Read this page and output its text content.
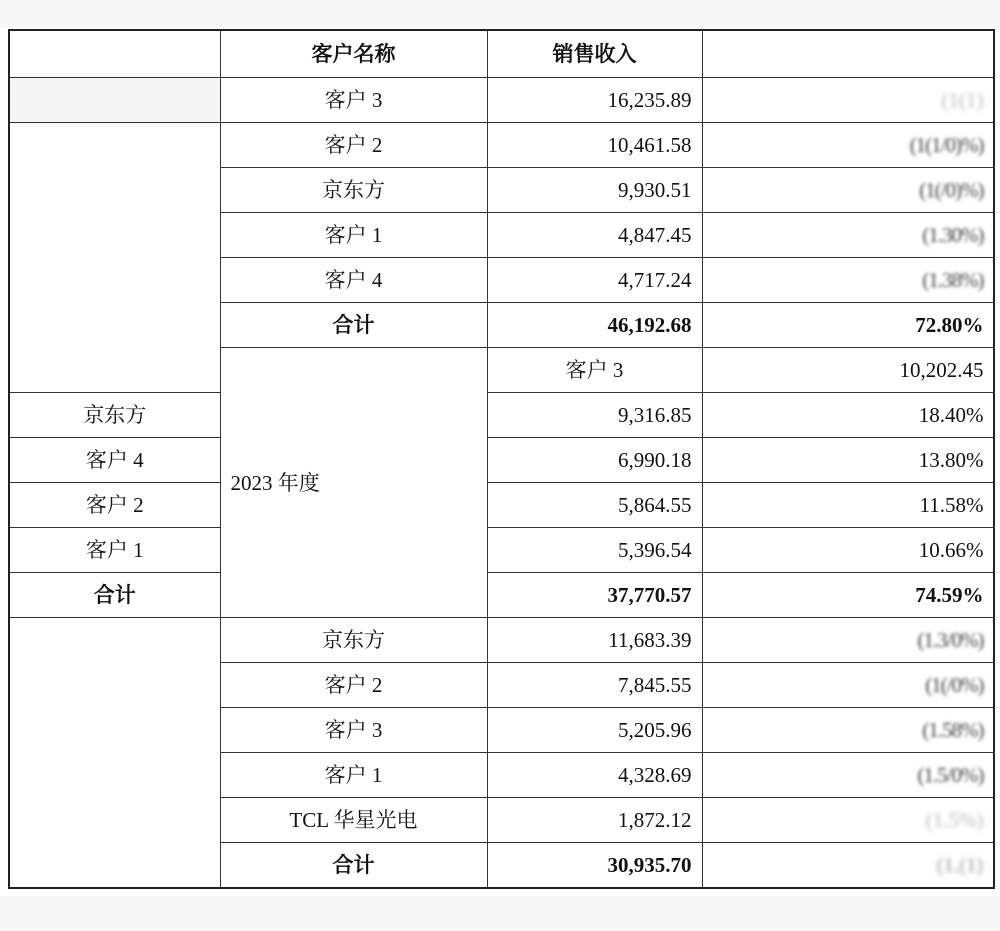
	客户名称	销售收入		
	客户 3	16,235.89	(1(1)	
	客户 2	10,461.58	(1(1/0)%)	
	京东方	9,930.51	(1(/0)%)	
	客户 1	4,847.45	(1.30%)	
	客户 4	4,717.24	(1.38%)	
	合计	46,192.68	72.80%	
	2023 年度	客户 3	10,202.45	
京东方		9,316.85	18.40%	
客户 4		6,990.18	13.80%	
客户 2		5,864.55	11.58%	
客户 1		5,396.54	10.66%	
合计		37,770.57	74.59%	
	京东方	11,683.39	(1.3/0%)	
	客户 2	7,845.55	(1(/0%)	
	客户 3	5,205.96	(1.58%)	
	客户 1	4,328.69	(1.5/0%)	
	TCL 华星光电	1,872.12	(1.5%)	
	合计	30,935.70	(1.(1)	
